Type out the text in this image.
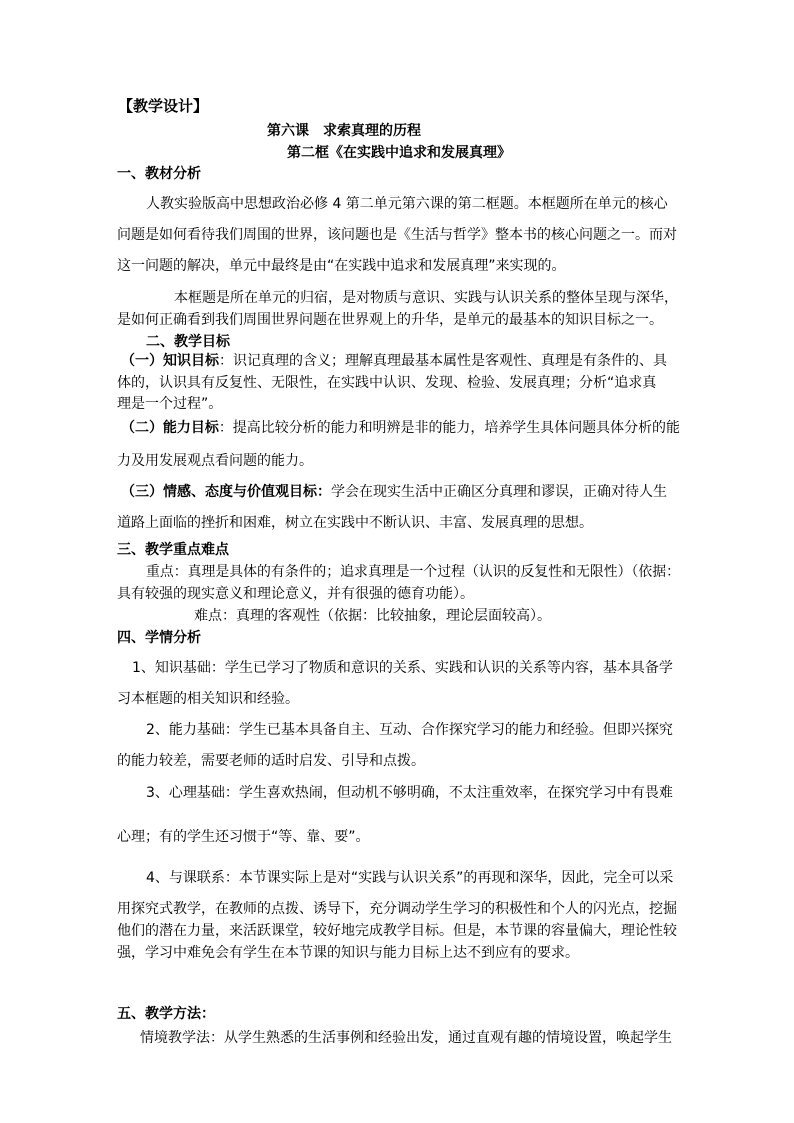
【教学设计】
第六课　求索真理的历程
第二框《在实践中追求和发展真理》
一、教材分析
人教实验版高中思想政治必修 4 第二单元第六课的第二框题。本框题所在单元的核心
问题是如何看待我们周围的世界，该问题也是《生活与哲学》整本书的核心问题之一。而对
这一问题的解决，单元中最终是由“在实践中追求和发展真理”来实现的。
本框题是所在单元的归宿，是对物质与意识、实践与认识关系的整体呈现与深华，
是如何正确看到我们周围世界问题在世界观上的升华，是单元的最基本的知识目标之一。
二、教学目标
（一）知识目标：识记真理的含义；理解真理最基本属性是客观性、真理是有条件的、具
体的，认识具有反复性、无限性，在实践中认识、发现、检验、发展真理；分析“追求真
理是一个过程”。
（二）能力目标：提高比较分析的能力和明辨是非的能力，培养学生具体问题具体分析的能
力及用发展观点看问题的能力。
（三）情感、态度与价值观目标：学会在现实生活中正确区分真理和谬误，正确对待人生
道路上面临的挫折和困难，树立在实践中不断认识、丰富、发展真理的思想。
三、教学重点难点
重点：真理是具体的有条件的；追求真理是一个过程（认识的反复性和无限性）（依据：
具有较强的现实意义和理论意义，并有很强的德育功能）。
难点：真理的客观性（依据：比较抽象，理论层面较高）。
四、学情分析
1、知识基础：学生已学习了物质和意识的关系、实践和认识的关系等内容，基本具备学
习本框题的相关知识和经验。
2、能力基础：学生已基本具备自主、互动、合作探究学习的能力和经验。但即兴探究
的能力较差，需要老师的适时启发、引导和点拨。
3、心理基础：学生喜欢热闹，但动机不够明确，不太注重效率，在探究学习中有畏难
心理；有的学生还习惯于“等、靠、要”。
4、与课联系：本节课实际上是对“实践与认识关系”的再现和深华，因此，完全可以采
用探究式教学，在教师的点拨、诱导下，充分调动学生学习的积极性和个人的闪光点，挖掘
他们的潜在力量，来活跃课堂，较好地完成教学目标。但是，本节课的容量偏大，理论性较
强，学习中难免会有学生在本节课的知识与能力目标上达不到应有的要求。
五、教学方法：
情境教学法：从学生熟悉的生活事例和经验出发，通过直观有趣的情境设置，唤起学生
